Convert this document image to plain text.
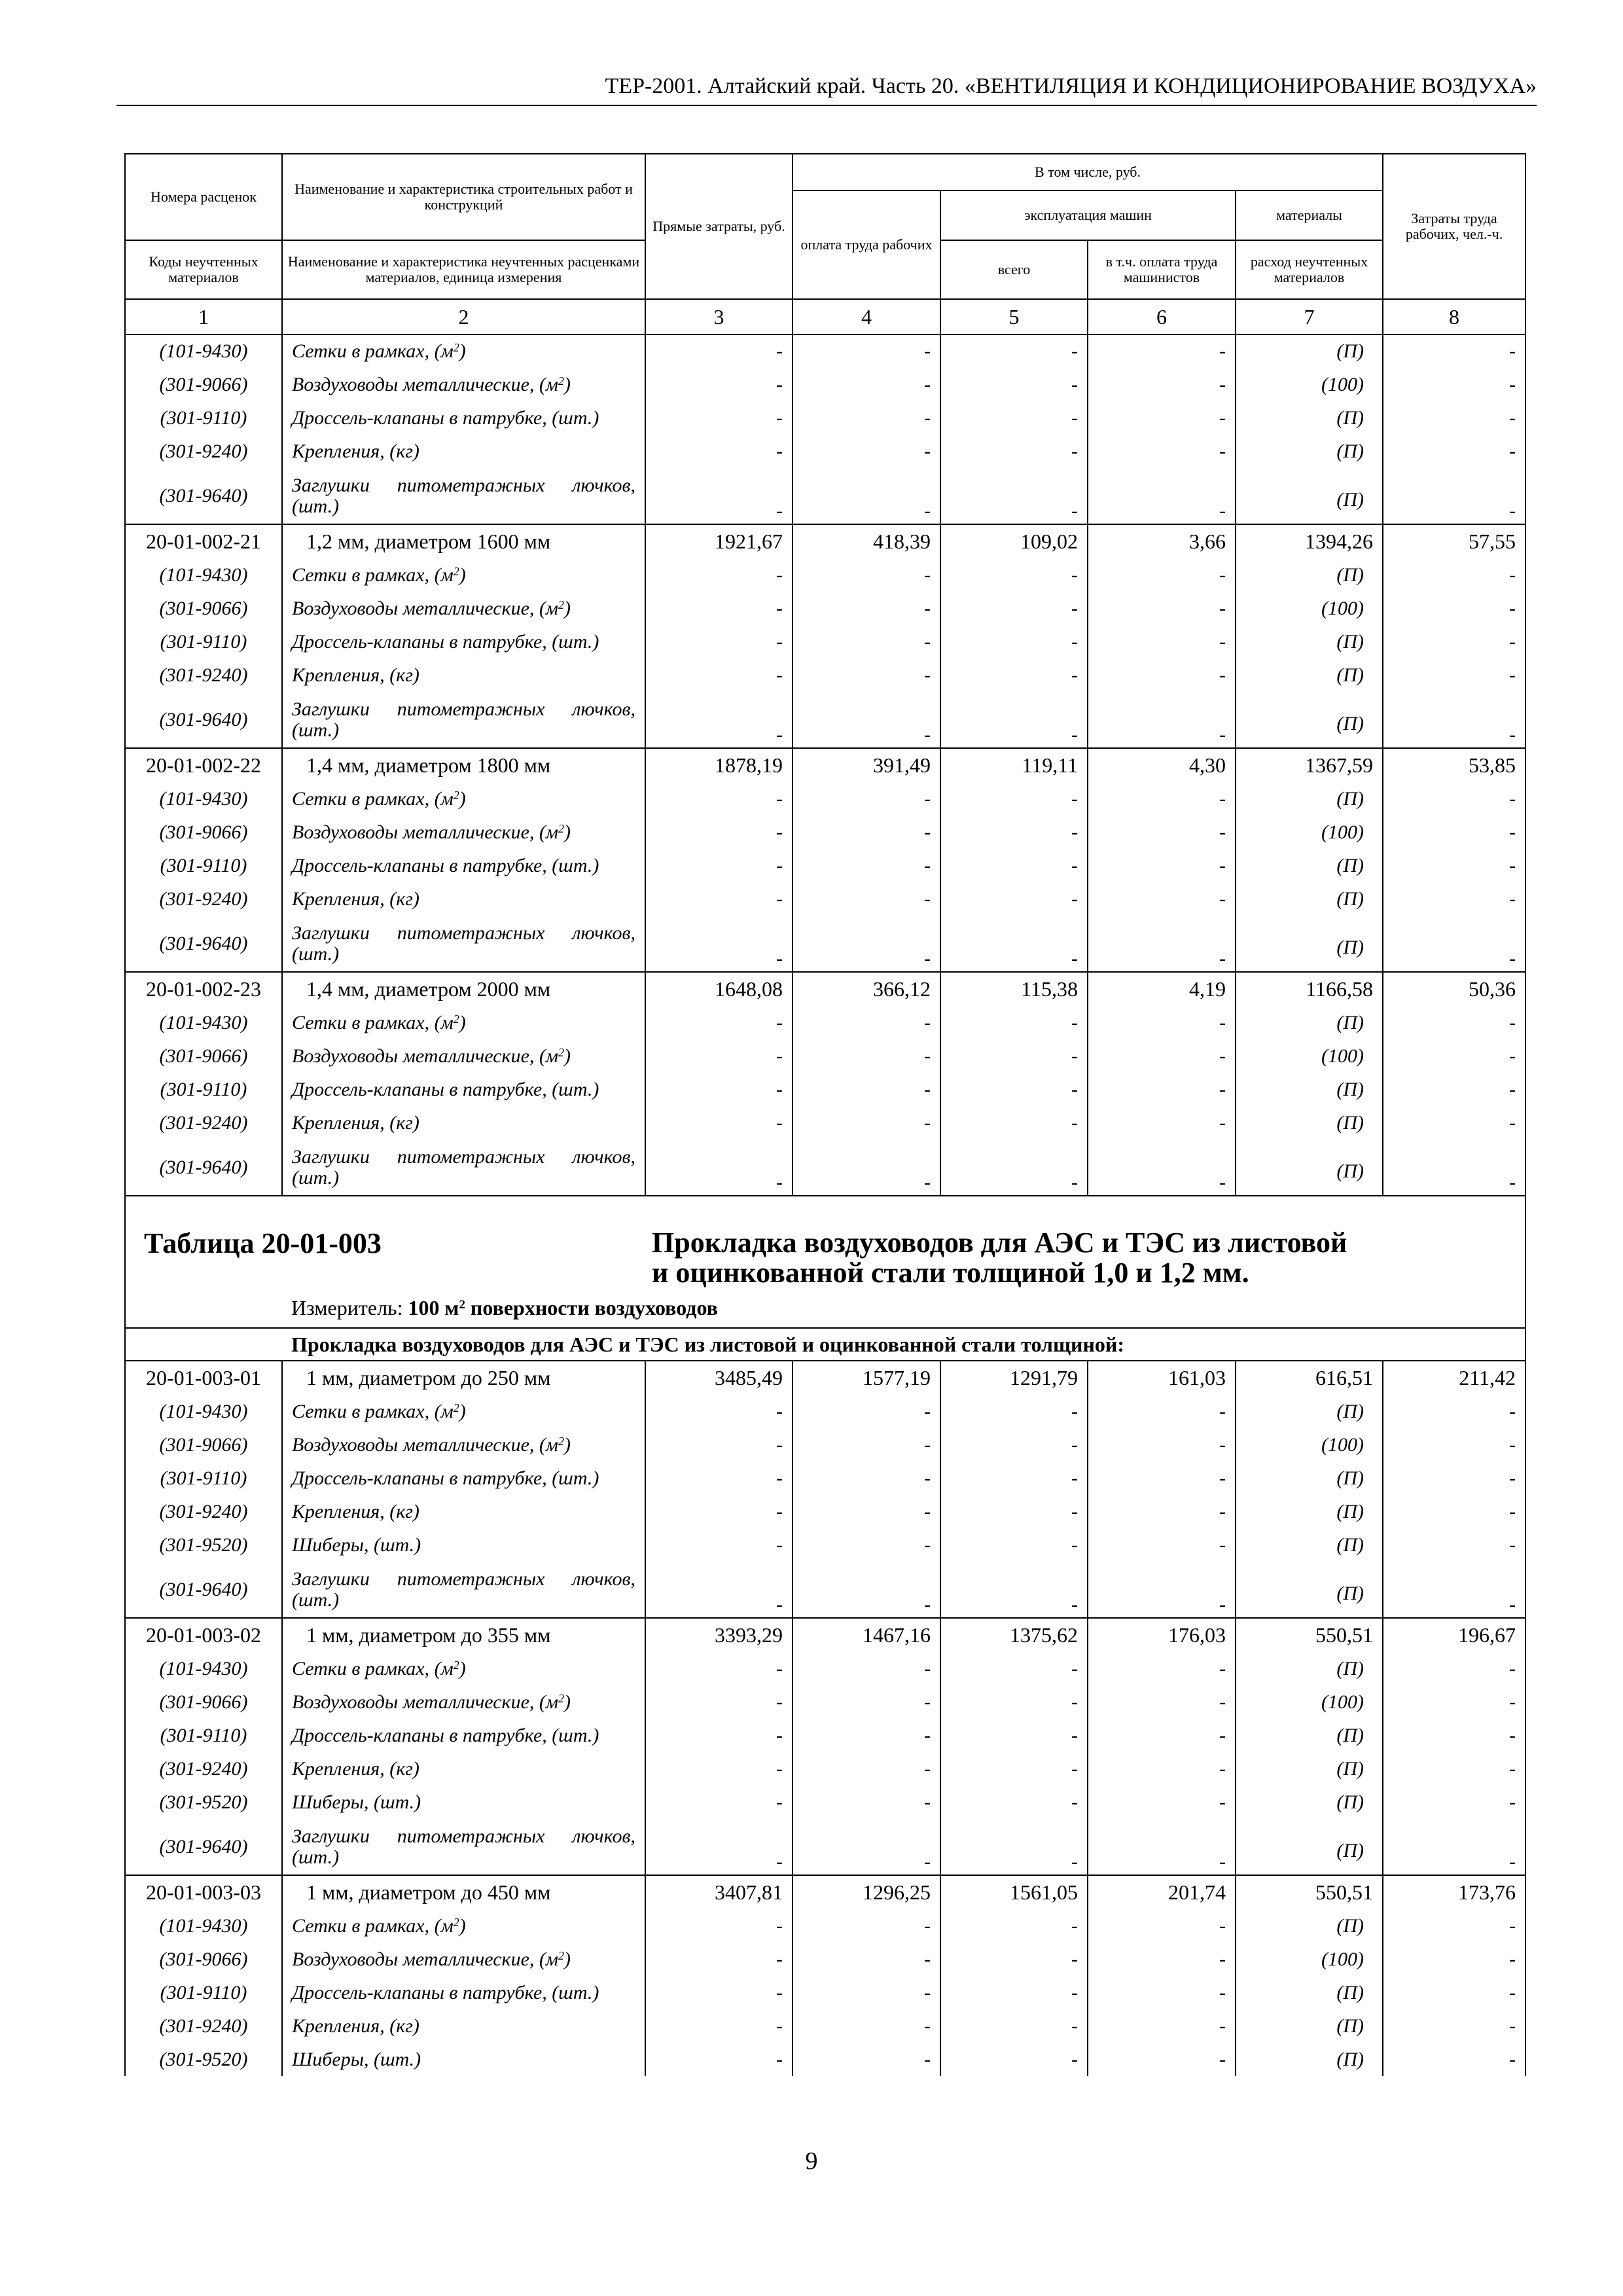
ТЕР-2001. Алтайский край. Часть 20. «ВЕНТИЛЯЦИЯ И КОНДИЦИОНИРОВАНИЕ ВОЗДУХА»
Номера расценок	Наименование и характеристика строительных работ и конструкций	Прямые затраты, руб.	В том числе, руб.				Затраты труда рабочих, чел.-ч.
			оплата труда рабочих	эксплуатация машин		материалы	
Коды неучтенных материалов	Наименование и характеристика неучтенных расценками материалов, единица измерения			всего	в т.ч. оплата труда машинистов	расход неучтенных материалов	
1	2	3	4	5	6	7	8
(101-9430)	Сетки в рамках, $(м^2)$	-	-	-	-	(П)	-
(301-9066)	Воздуховоды металлические, $(м^2)$	-	-	-	-	(100)	-
(301-9110)	Дроссель-клапаны в патрубке, (шт.)	-	-	-	-	(П)	-
(301-9240)	Крепления, (кг)	-	-	-	-	(П)	-
(301-9640)	Заглушки питометражных лючков, (шт.)	-	-	-	-	(П)	-
20-01-002-21	1,2 мм, диаметром 1600 мм	1921,67	418,39	109,02	3,66	1394,26	57,55
(101-9430)	Сетки в рамках, $(м^2)$	-	-	-	-	(П)	-
(301-9066)	Воздуховоды металлические, $(м^2)$	-	-	-	-	(100)	-
(301-9110)	Дроссель-клапаны в патрубке, (шт.)	-	-	-	-	(П)	-
(301-9240)	Крепления, (кг)	-	-	-	-	(П)	-
(301-9640)	Заглушки питометражных лючков, (шт.)	-	-	-	-	(П)	-
20-01-002-22	1,4 мм, диаметром 1800 мм	1878,19	391,49	119,11	4,30	1367,59	53,85
(101-9430)	Сетки в рамках, $(м^2)$	-	-	-	-	(П)	-
(301-9066)	Воздуховоды металлические, $(м^2)$	-	-	-	-	(100)	-
(301-9110)	Дроссель-клапаны в патрубке, (шт.)	-	-	-	-	(П)	-
(301-9240)	Крепления, (кг)	-	-	-	-	(П)	-
(301-9640)	Заглушки питометражных лючков, (шт.)	-	-	-	-	(П)	-
20-01-002-23	1,4 мм, диаметром 2000 мм	1648,08	366,12	115,38	4,19	1166,58	50,36
(101-9430)	Сетки в рамках, $(м^2)$	-	-	-	-	(П)	-
(301-9066)	Воздуховоды металлические, $(м^2)$	-	-	-	-	(100)	-
(301-9110)	Дроссель-клапаны в патрубке, (шт.)	-	-	-	-	(П)	-
(301-9240)	Крепления, (кг)	-	-	-	-	(П)	-
(301-9640)	Заглушки питометражных лючков, (шт.)	-	-	-	-	(П)	-

Таблица 20-01-003 Прокладка воздуховодов для АЭС и ТЭС из листовой
и оцинкованной стали толщиной 1,0 и 1,2 мм.
Измеритель: 100 $м^2$ поверхности воздуховодов							

Прокладка воздуховодов для АЭС и ТЭС из листовой и оцинкованной стали толщиной:							
20-01-003-01	1 мм, диаметром до 250 мм	3485,49	1577,19	1291,79	161,03	616,51	211,42
(101-9430)	Сетки в рамках, $(м^2)$	-	-	-	-	(П)	-
(301-9066)	Воздуховоды металлические, $(м^2)$	-	-	-	-	(100)	-
(301-9110)	Дроссель-клапаны в патрубке, (шт.)	-	-	-	-	(П)	-
(301-9240)	Крепления, (кг)	-	-	-	-	(П)	-
(301-9520)	Шиберы, (шт.)	-	-	-	-	(П)	-
(301-9640)	Заглушки питометражных лючков, (шт.)	-	-	-	-	(П)	-
20-01-003-02	1 мм, диаметром до 355 мм	3393,29	1467,16	1375,62	176,03	550,51	196,67
(101-9430)	Сетки в рамках, $(м^2)$	-	-	-	-	(П)	-
(301-9066)	Воздуховоды металлические, $(м^2)$	-	-	-	-	(100)	-
(301-9110)	Дроссель-клапаны в патрубке, (шт.)	-	-	-	-	(П)	-
(301-9240)	Крепления, (кг)	-	-	-	-	(П)	-
(301-9520)	Шиберы, (шт.)	-	-	-	-	(П)	-
(301-9640)	Заглушки питометражных лючков, (шт.)	-	-	-	-	(П)	-
20-01-003-03	1 мм, диаметром до 450 мм	3407,81	1296,25	1561,05	201,74	550,51	173,76
(101-9430)	Сетки в рамках, $(м^2)$	-	-	-	-	(П)	-
(301-9066)	Воздуховоды металлические, $(м^2)$	-	-	-	-	(100)	-
(301-9110)	Дроссель-клапаны в патрубке, (шт.)	-	-	-	-	(П)	-
(301-9240)	Крепления, (кг)	-	-	-	-	(П)	-
(301-9520)	Шиберы, (шт.)	-	-	-	-	(П)	-
9
